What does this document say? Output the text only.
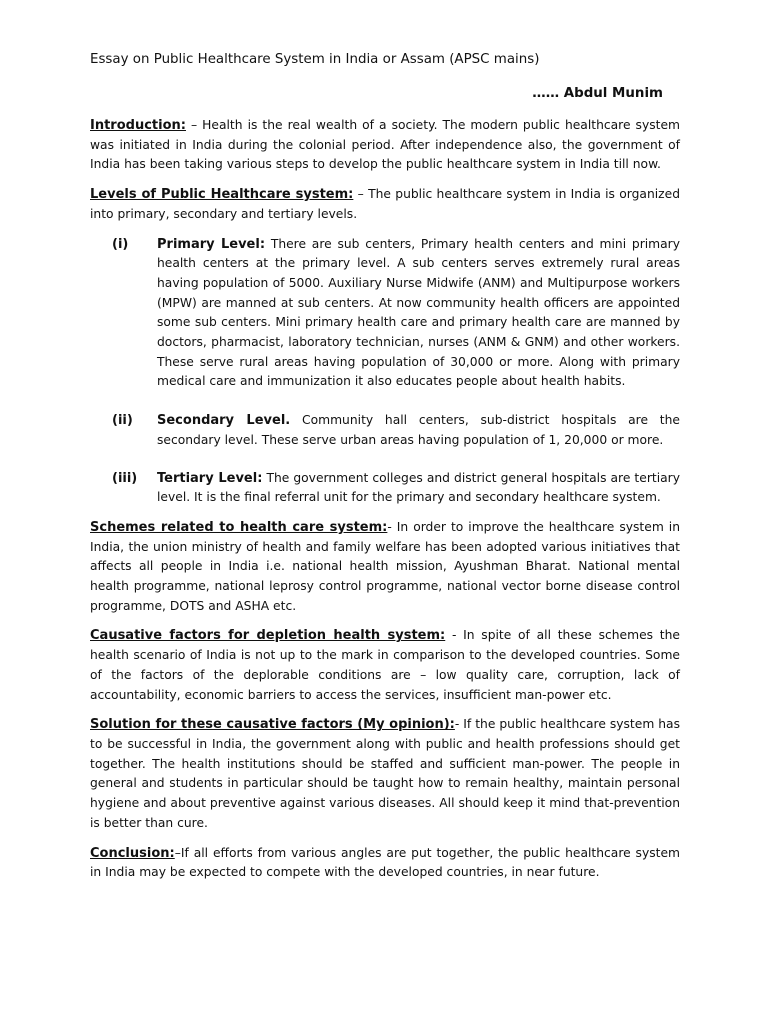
Essay on Public Healthcare System in India or Assam (APSC mains)

…… Abdul Munim

Introduction: – Health is the real wealth of a society. The modern public healthcare system was initiated in India during the colonial period. After independence also, the government of India has been taking various steps to develop the public healthcare system in India till now.

Levels of Public Healthcare system: – The public healthcare system in India is organized into primary, secondary and tertiary levels.

(i)	Primary Level: There are sub centers, Primary health centers and mini primary health centers at the primary level. A sub centers serves extremely rural areas having population of 5000. Auxiliary Nurse Midwife (ANM) and Multipurpose workers (MPW) are manned at sub centers. At now community health officers are appointed some sub centers. Mini primary health care and primary health care are manned by doctors, pharmacist, laboratory technician, nurses (ANM & GNM) and other workers. These serve rural areas having population of 30,000 or more. Along with primary medical care and immunization it also educates people about health habits.

(ii)	Secondary Level. Community hall centers, sub-district hospitals are the secondary level. These serve urban areas having population of 1, 20,000 or more.

(iii)	Tertiary Level: The government colleges and district general hospitals are tertiary level. It is the final referral unit for the primary and secondary healthcare system.

Schemes related to health care system:- In order to improve the healthcare system in India, the union ministry of health and family welfare has been adopted various initiatives that affects all people in India i.e. national health mission, Ayushman Bharat. National mental health programme, national leprosy control programme, national vector borne disease control programme, DOTS and ASHA etc.

Causative factors for depletion health system: - In spite of all these schemes the health scenario of India is not up to the mark in comparison to the developed countries. Some of the factors of the deplorable conditions are – low quality care, corruption, lack of accountability, economic barriers to access the services, insufficient man-power etc.

Solution for these causative factors (My opinion):- If the public healthcare system has to be successful in India, the government along with public and health professions should get together. The health institutions should be staffed and sufficient man-power. The people in general and students in particular should be taught how to remain healthy, maintain personal hygiene and about preventive against various diseases. All should keep it mind that-prevention is better than cure.

Conclusion:–If all efforts from various angles are put together, the public healthcare system in India may be expected to compete with the developed countries, in near future.
